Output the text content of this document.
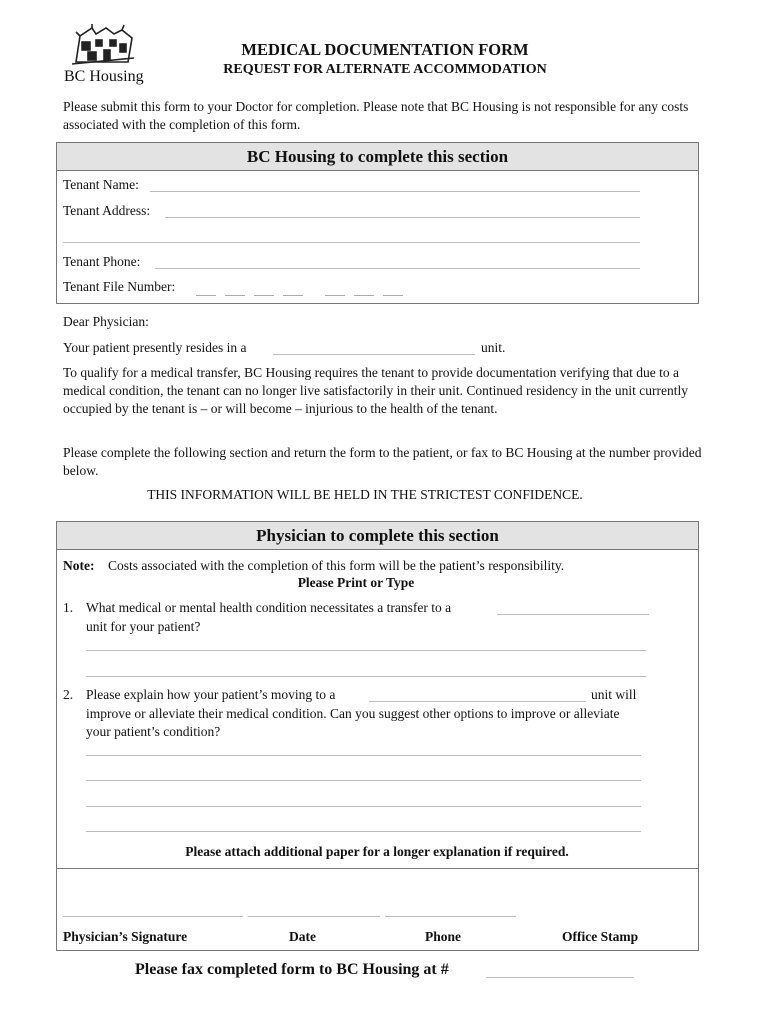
BC Housing
MEDICAL DOCUMENTATION FORM
REQUEST FOR ALTERNATE ACCOMMODATION
Please submit this form to your Doctor for completion. Please note that BC Housing is not responsible for any costs associated with the completion of this form.
BC Housing to complete this section
Tenant Name:
Tenant Address:
Tenant Phone:
Tenant File Number:
Dear Physician:
Your patient presently resides in a	unit.
To qualify for a medical transfer, BC Housing requires the tenant to provide documentation verifying that due to a medical condition, the tenant can no longer live satisfactorily in their unit. Continued residency in the unit currently occupied by the tenant is – or will become – injurious to the health of the tenant.
Please complete the following section and return the form to the patient, or fax to BC Housing at the number provided below.
THIS INFORMATION WILL BE HELD IN THE STRICTEST CONFIDENCE.
Physician to complete this section
Note: Costs associated with the completion of this form will be the patient’s responsibility.
Please Print or Type
1. What medical or mental health condition necessitates a transfer to a
unit for your patient?
2. Please explain how your patient’s moving to a	unit will
improve or alleviate their medical condition. Can you suggest other options to improve or alleviate your patient’s condition?
Please attach additional paper for a longer explanation if required.
Physician’s Signature	Date	Phone	Office Stamp
Please fax completed form to BC Housing at #
